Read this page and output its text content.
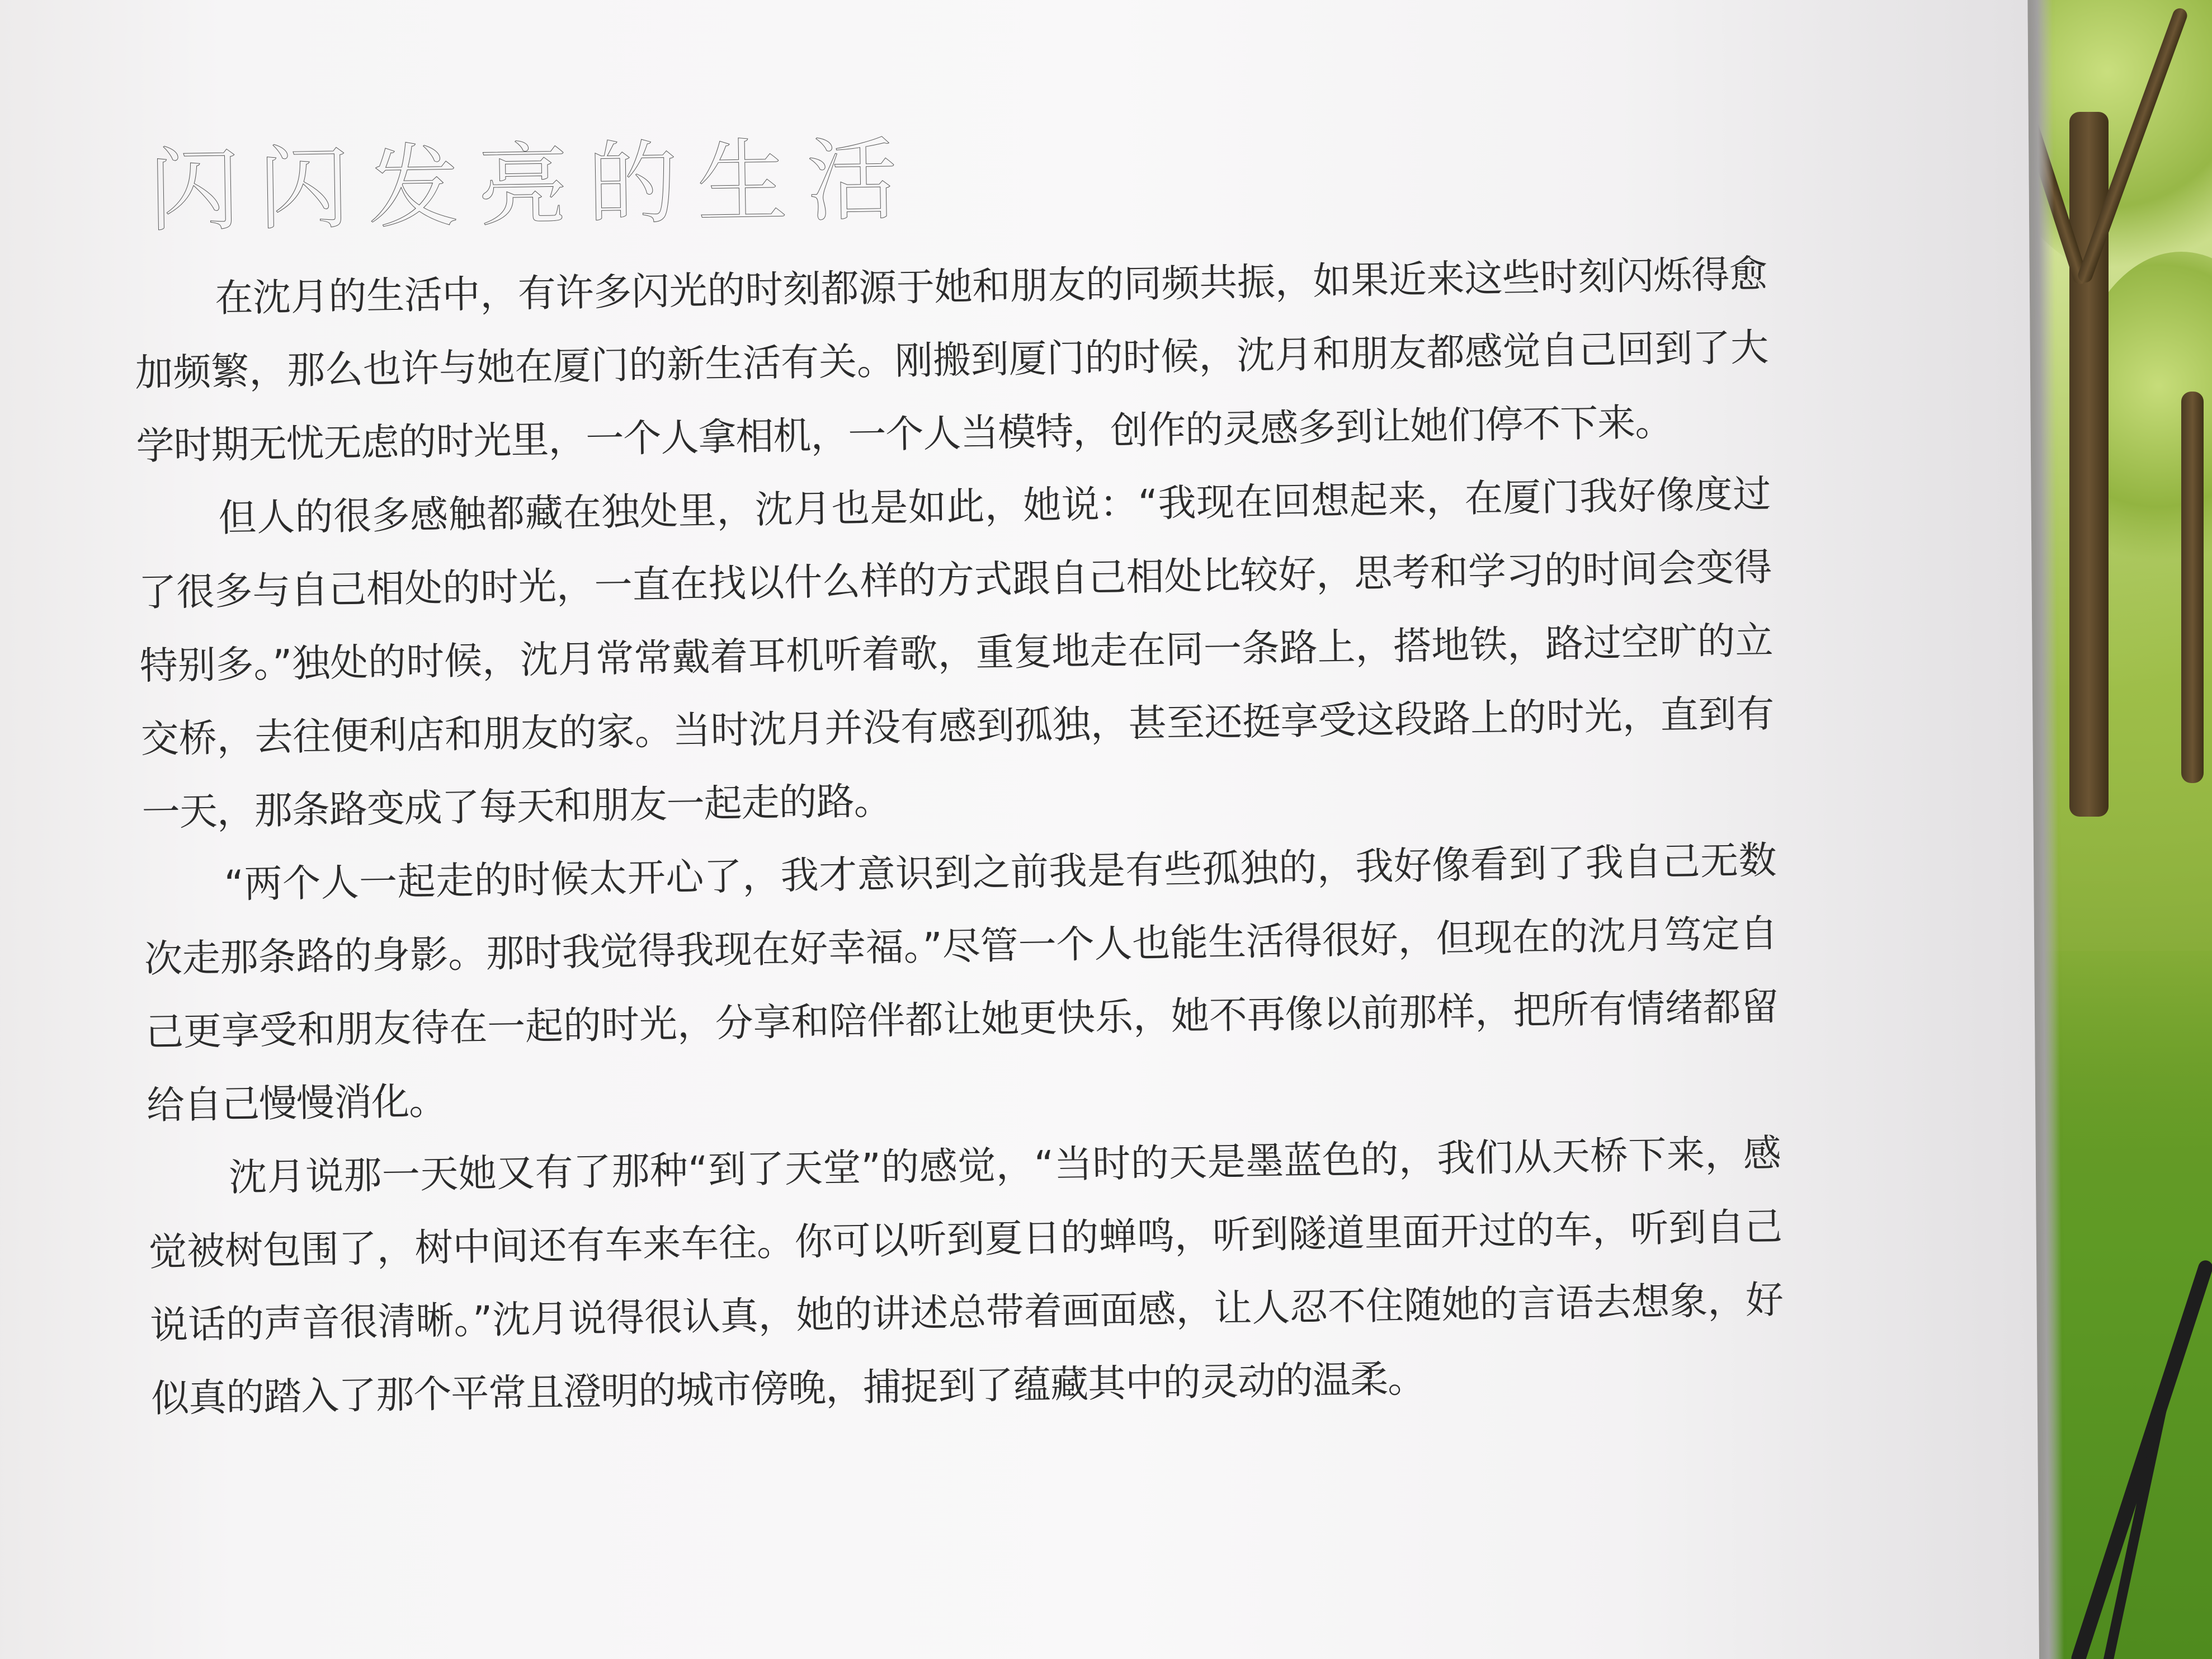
闪闪发亮的生活

在沈月的生活中，有许多闪光的时刻都源于她和朋友的同频共振，如果近来这些时刻闪烁得愈加频繁，那么也许与她在厦门的新生活有关。刚搬到厦门的时候，沈月和朋友都感觉自己回到了大学时期无忧无虑的时光里，一个人拿相机，一个人当模特，创作的灵感多到让她们停不下来。

但人的很多感触都藏在独处里，沈月也是如此，她说：“我现在回想起来，在厦门我好像度过了很多与自己相处的时光，一直在找以什么样的方式跟自己相处比较好，思考和学习的时间会变得特别多。”独处的时候，沈月常常戴着耳机听着歌，重复地走在同一条路上，搭地铁，路过空旷的立交桥，去往便利店和朋友的家。当时沈月并没有感到孤独，甚至还挺享受这段路上的时光，直到有一天，那条路变成了每天和朋友一起走的路。

“两个人一起走的时候太开心了，我才意识到之前我是有些孤独的，我好像看到了我自己无数次走那条路的身影。那时我觉得我现在好幸福。”尽管一个人也能生活得很好，但现在的沈月笃定自己更享受和朋友待在一起的时光，分享和陪伴都让她更快乐，她不再像以前那样，把所有情绪都留给自己慢慢消化。

沈月说那一天她又有了那种“到了天堂”的感觉，“当时的天是墨蓝色的，我们从天桥下来，感觉被树包围了，树中间还有车来车往。你可以听到夏日的蝉鸣，听到隧道里面开过的车，听到自己说话的声音很清晰。”沈月说得很认真，她的讲述总带着画面感，让人忍不住随她的言语去想象，好似真的踏入了那个平常且澄明的城市傍晚，捕捉到了蕴藏其中的灵动的温柔。
